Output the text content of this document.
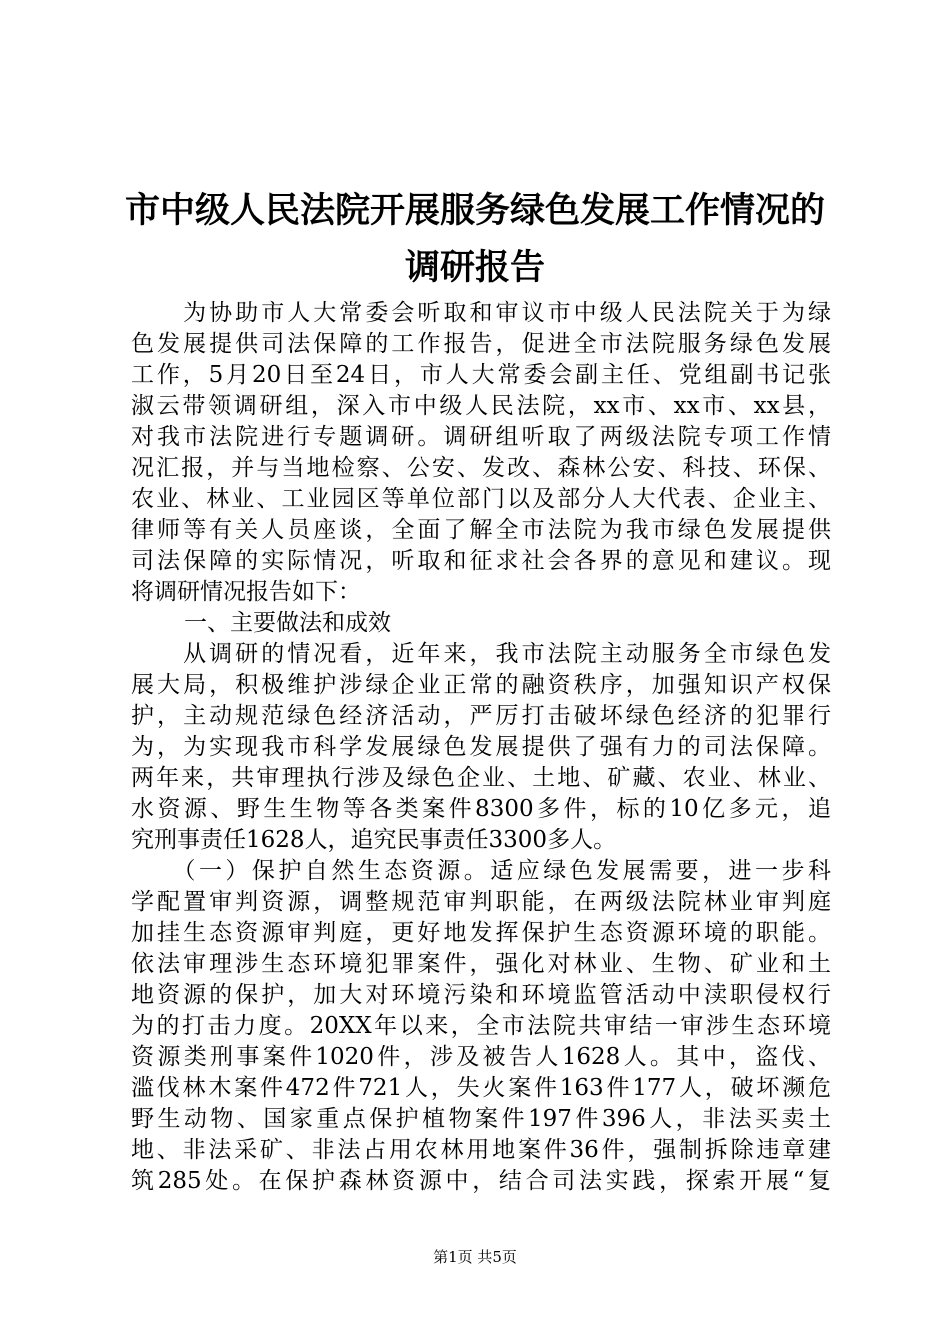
市中级人民法院开展服务绿色发展工作情况的
调研报告
　　为协助市人大常委会听取和审议市中级人民法院关于为绿
色发展提供司法保障的工作报告，促进全市法院服务绿色发展
工作，5月20日至24日，市人大常委会副主任、党组副书记张
淑云带领调研组，深入市中级人民法院，xx市、xx市、xx县，
对我市法院进行专题调研。调研组听取了两级法院专项工作情
况汇报，并与当地检察、公安、发改、森林公安、科技、环保、
农业、林业、工业园区等单位部门以及部分人大代表、企业主、
律师等有关人员座谈，全面了解全市法院为我市绿色发展提供
司法保障的实际情况，听取和征求社会各界的意见和建议。现
将调研情况报告如下：
一、主要做法和成效
　　从调研的情况看，近年来，我市法院主动服务全市绿色发
展大局，积极维护涉绿企业正常的融资秩序，加强知识产权保
护，主动规范绿色经济活动，严厉打击破坏绿色经济的犯罪行
为，为实现我市科学发展绿色发展提供了强有力的司法保障。
两年来，共审理执行涉及绿色企业、土地、矿藏、农业、林业、
水资源、野生生物等各类案件8300多件，标的10亿多元，追
究刑事责任1628人，追究民事责任3300多人。
　　（一）保护自然生态资源。适应绿色发展需要，进一步科
学配置审判资源，调整规范审判职能，在两级法院林业审判庭
加挂生态资源审判庭，更好地发挥保护生态资源环境的职能。
依法审理涉生态环境犯罪案件，强化对林业、生物、矿业和土
地资源的保护，加大对环境污染和环境监管活动中渎职侵权行
为的打击力度。20XX年以来，全市法院共审结一审涉生态环境
资源类刑事案件1020件，涉及被告人1628人。其中，盗伐、
滥伐林木案件472件721人，失火案件163件177人，破坏濒危
野生动物、国家重点保护植物案件197件396人，非法买卖土
地、非法采矿、非法占用农林用地案件36件，强制拆除违章建
筑285处。在保护森林资源中，结合司法实践，探索开展“复
第1页 共5页
